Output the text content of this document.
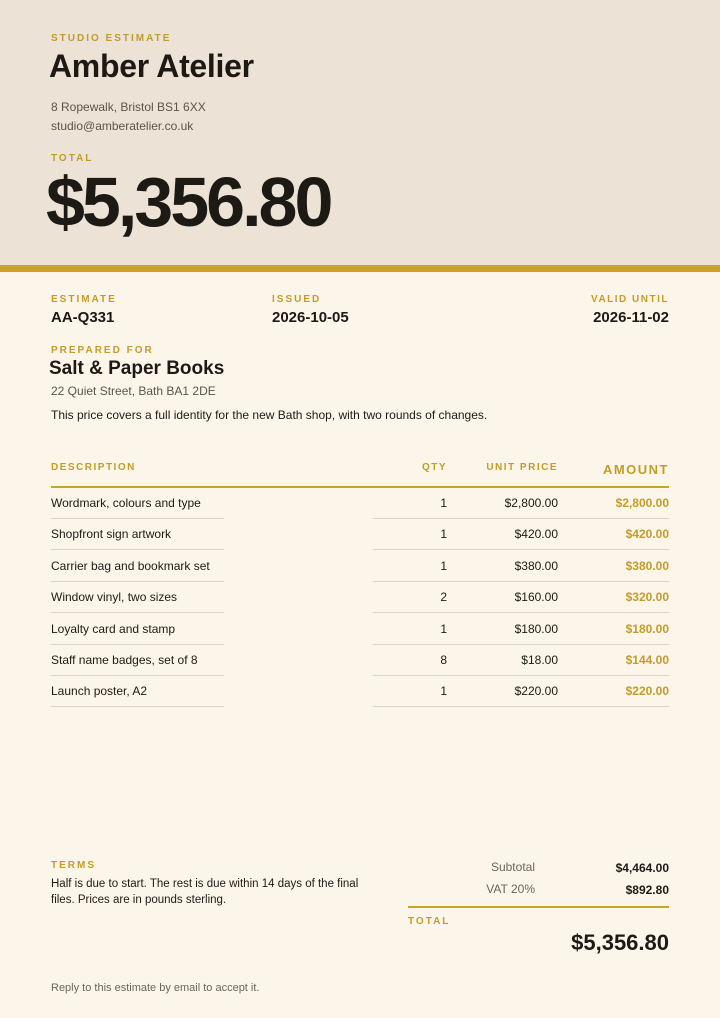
STUDIO ESTIMATE
Amber Atelier
8 Ropewalk, Bristol BS1 6XX
studio@amberatelier.co.uk
TOTAL
$5,356.80
ESTIMATE
AA-Q331
ISSUED
2026-10-05
VALID UNTIL
2026-11-02
PREPARED FOR
Salt & Paper Books
22 Quiet Street, Bath BA1 2DE
This price covers a full identity for the new Bath shop, with two rounds of changes.
DESCRIPTION	QTY	UNIT PRICE	AMOUNT
Wordmark, colours and type	1	$2,800.00	$2,800.00
Shopfront sign artwork	1	$420.00	$420.00
Carrier bag and bookmark set	1	$380.00	$380.00
Window vinyl, two sizes	2	$160.00	$320.00
Loyalty card and stamp	1	$180.00	$180.00
Staff name badges, set of 8	8	$18.00	$144.00
Launch poster, A2	1	$220.00	$220.00
TERMS
Half is due to start. The rest is due within 14 days of the final files. Prices are in pounds sterling.
Subtotal	$4,464.00
VAT 20%	$892.80
TOTAL
$5,356.80
Reply to this estimate by email to accept it.
